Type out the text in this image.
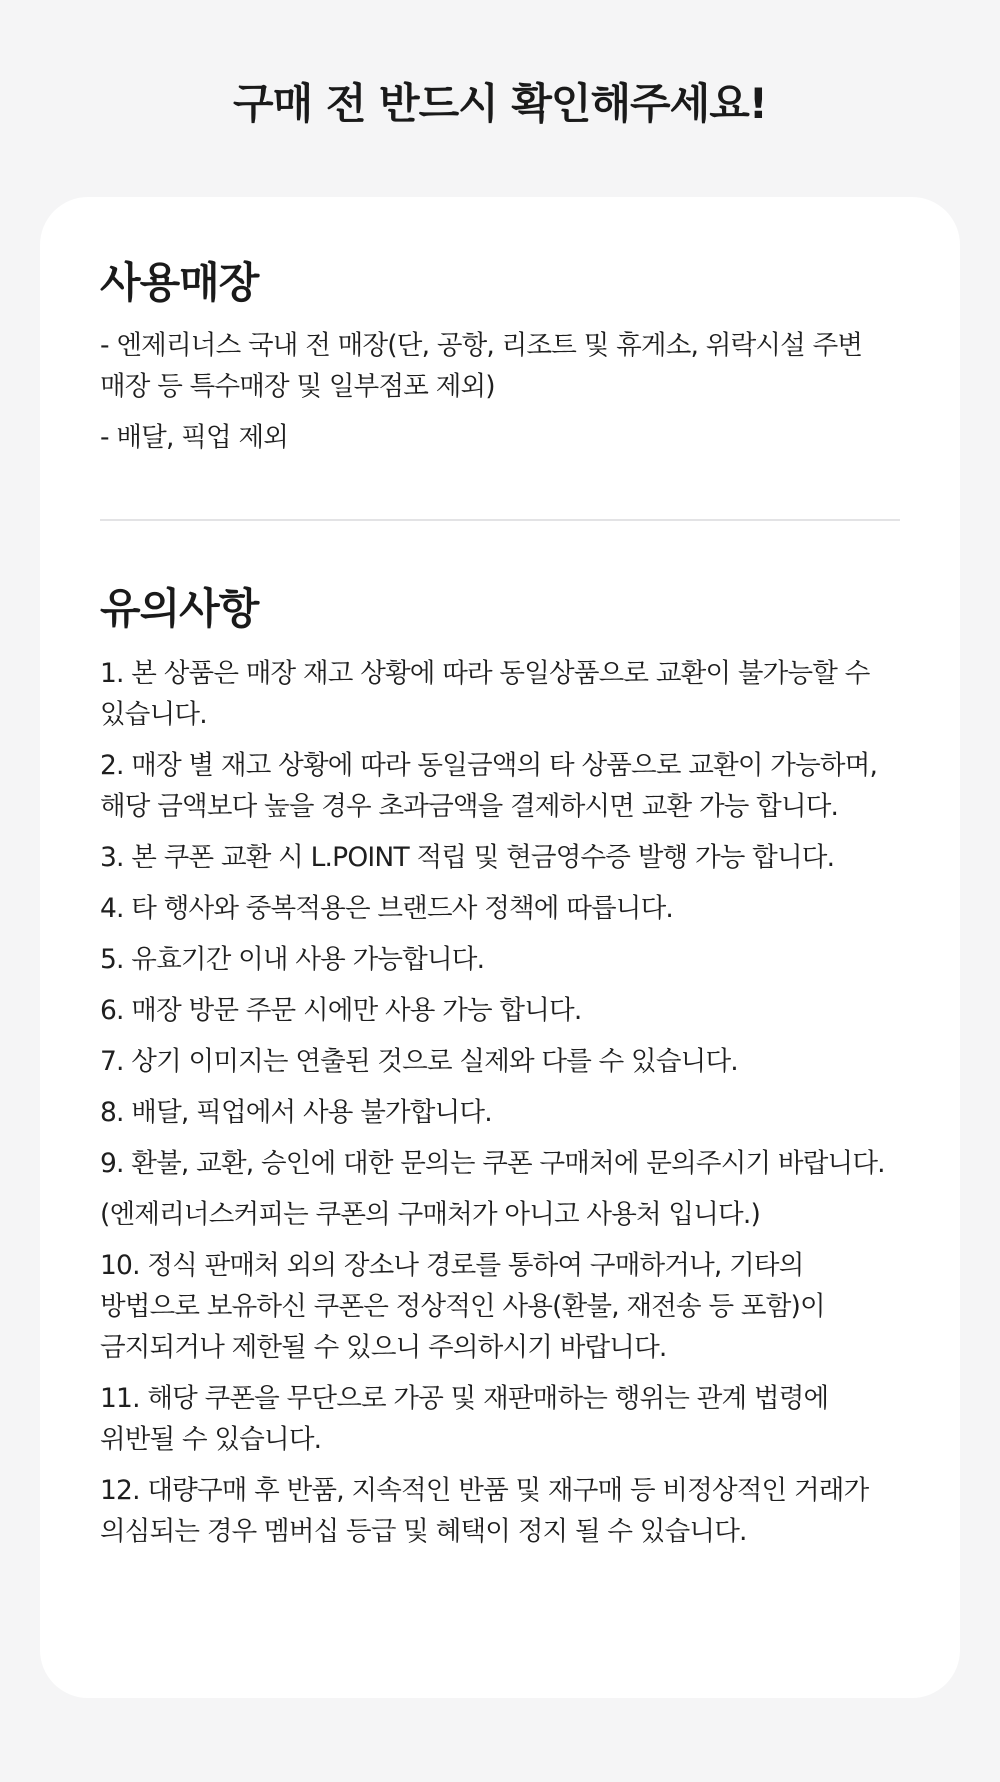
구매 전 반드시 확인해주세요!
사용매장

- 엔제리너스 국내 전 매장(단, 공항, 리조트 및 휴게소, 위락시설 주변 매장 등 특수매장 및 일부점포 제외)

- 배달, 픽업 제외

유의사항

1. 본 상품은 매장 재고 상황에 따라 동일상품으로 교환이 불가능할 수 있습니다.

2. 매장 별 재고 상황에 따라 동일금액의 타 상품으로 교환이 가능하며, 해당 금액보다 높을 경우 초과금액을 결제하시면 교환 가능 합니다.

3. 본 쿠폰 교환 시 L.POINT 적립 및 현금영수증 발행 가능 합니다.

4. 타 행사와 중복적용은 브랜드사 정책에 따릅니다.

5. 유효기간 이내 사용 가능합니다.

6. 매장 방문 주문 시에만 사용 가능 합니다.

7. 상기 이미지는 연출된 것으로 실제와 다를 수 있습니다.

8. 배달, 픽업에서 사용 불가합니다.

9. 환불, 교환, 승인에 대한 문의는 쿠폰 구매처에 문의주시기 바랍니다.

(엔제리너스커피는 쿠폰의 구매처가 아니고 사용처 입니다.)

10. 정식 판매처 외의 장소나 경로를 통하여 구매하거나, 기타의 방법으로 보유하신 쿠폰은 정상적인 사용(환불, 재전송 등 포함)이 금지되거나 제한될 수 있으니 주의하시기 바랍니다.

11. 해당 쿠폰을 무단으로 가공 및 재판매하는 행위는 관계 법령에 위반될 수 있습니다.

12. 대량구매 후 반품, 지속적인 반품 및 재구매 등 비정상적인 거래가 의심되는 경우 멤버십 등급 및 혜택이 정지 될 수 있습니다.
